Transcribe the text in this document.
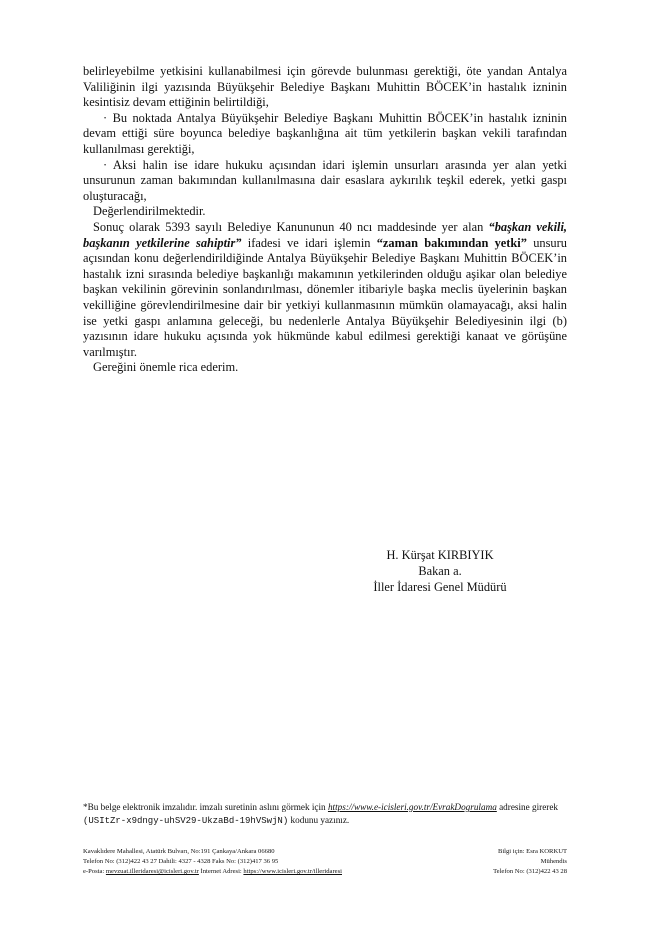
belirleyebilme yetkisini kullanabilmesi için görevde bulunması gerektiği, öte yandan Antalya Valiliğinin ilgi yazısında Büyükşehir Belediye Başkanı Muhittin BÖCEK’in hastalık izninin kesintisiz devam ettiğinin belirtildiği,

· Bu noktada Antalya Büyükşehir Belediye Başkanı Muhittin BÖCEK’in hastalık izninin devam ettiği süre boyunca belediye başkanlığına ait tüm yetkilerin başkan vekili tarafından kullanılması gerektiği,

· Aksi halin ise idare hukuku açısından idari işlemin unsurları arasında yer alan yetki unsurunun zaman bakımından kullanılmasına dair esaslara aykırılık teşkil ederek, yetki gaspı oluşturacağı,

Değerlendirilmektedir.

Sonuç olarak 5393 sayılı Belediye Kanununun 40 ncı maddesinde yer alan “başkan vekili, başkanın yetkilerine sahiptir” ifadesi ve idari işlemin “zaman bakımından yetki” unsuru açısından konu değerlendirildiğinde Antalya Büyükşehir Belediye Başkanı Muhittin BÖCEK’in hastalık izni sırasında belediye başkanlığı makamının yetkilerinden olduğu aşikar olan belediye başkan vekilinin görevinin sonlandırılması, dönemler itibariyle başka meclis üyelerinin başkan vekilliğine görevlendirilmesine dair bir yetkiyi kullanmasının mümkün olamayacağı, aksi halin ise yetki gaspı anlamına geleceği, bu nedenlerle Antalya Büyükşehir Belediyesinin ilgi (b) yazısının idare hukuku açısında yok hükmünde kabul edilmesi gerektiği kanaat ve görüşüne varılmıştır.

Gereğini önemle rica ederim.

H. Kürşat KIRBIYIK
Bakan a.
İller İdaresi Genel Müdürü
*Bu belge elektronik imzalıdır. imzalı suretinin aslını görmek için https://www.e-icisleri.gov.tr/EvrakDogrulama adresine girerek (USItZr-x9dngy-uhSV29-UkzaBd-19hVSwjN) kodunu yazınız.
Kavaklıdere Mahallesi, Atatürk Bulvarı, No:191 Çankaya/Ankara 06680
Telefon No: (312)422 43 27 Dahili: 4327 - 4328 Faks No: (312)417 36 95
e-Posta: mevzuat.illeridaresi@icisleri.gov.tr İnternet Adresi: https://www.icisleri.gov.tr/illeridaresi
Bilgi için: Esra KORKUT
Mühendis
Telefon No: (312)422 43 28
